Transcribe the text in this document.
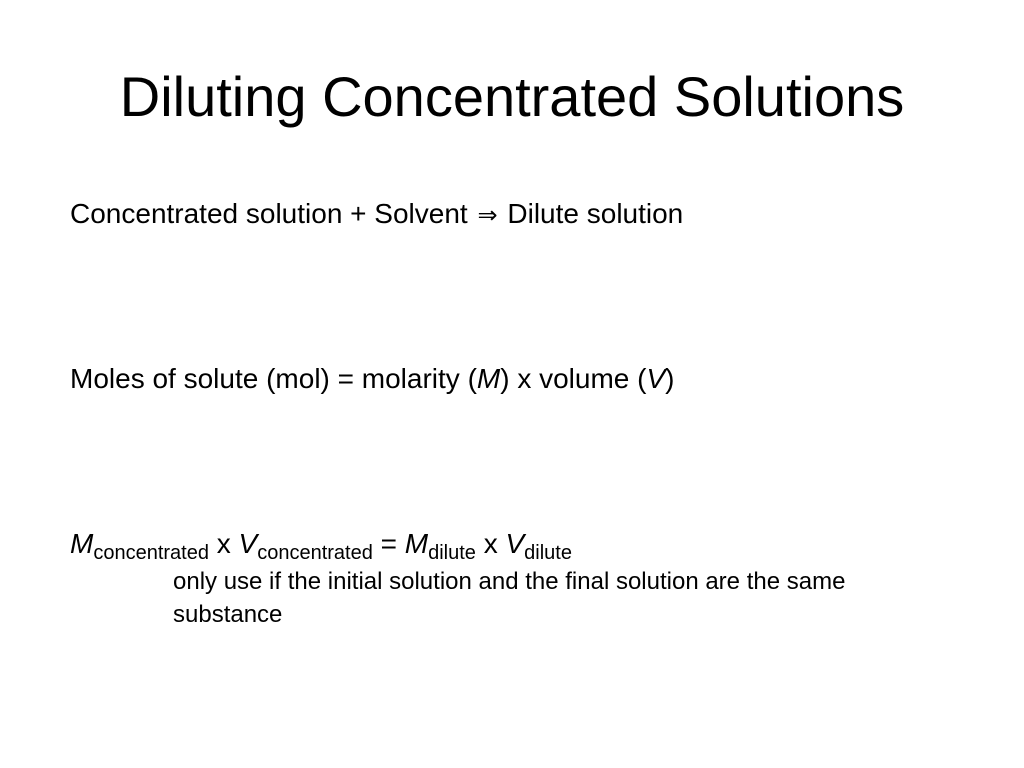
Diluting Concentrated Solutions
Concentrated solution + Solvent ⇒ Dilute solution
Moles of solute (mol) = molarity (M) x volume (V)
$M_{concentrated}$ x $V_{concentrated} = M_{dilute}$ x $V_{dilute}$
only use if the initial solution and the final solution are the same substance
